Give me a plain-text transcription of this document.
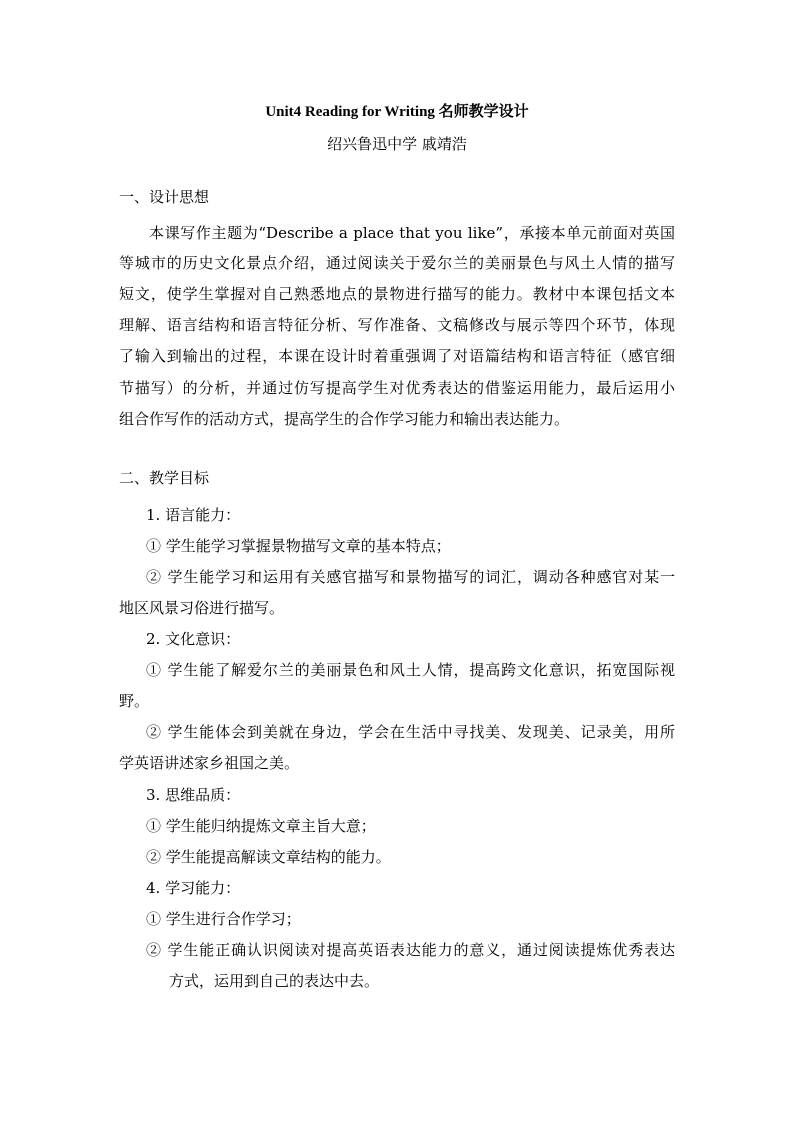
Unit4 Reading for Writing 名师教学设计
绍兴鲁迅中学 戚靖浩
一、设计思想
本课写作主题为“Describe a place that you like”，承接本单元前面对英国
等城市的历史文化景点介绍，通过阅读关于爱尔兰的美丽景色与风土人情的描写
短文，使学生掌握对自己熟悉地点的景物进行描写的能力。教材中本课包括文本
理解、语言结构和语言特征分析、写作准备、文稿修改与展示等四个环节，体现
了输入到输出的过程，本课在设计时着重强调了对语篇结构和语言特征（感官细
节描写）的分析，并通过仿写提高学生对优秀表达的借鉴运用能力，最后运用小
组合作写作的活动方式，提高学生的合作学习能力和输出表达能力。
二、教学目标
1. 语言能力：
① 学生能学习掌握景物描写文章的基本特点；
② 学生能学习和运用有关感官描写和景物描写的词汇，调动各种感官对某一
地区风景习俗进行描写。
2. 文化意识：
① 学生能了解爱尔兰的美丽景色和风土人情，提高跨文化意识，拓宽国际视
野。
② 学生能体会到美就在身边，学会在生活中寻找美、发现美、记录美，用所
学英语讲述家乡祖国之美。
3. 思维品质：
① 学生能归纳提炼文章主旨大意；
② 学生能提高解读文章结构的能力。
4. 学习能力：
① 学生进行合作学习；
② 学生能正确认识阅读对提高英语表达能力的意义，通过阅读提炼优秀表达
方式，运用到自己的表达中去。
